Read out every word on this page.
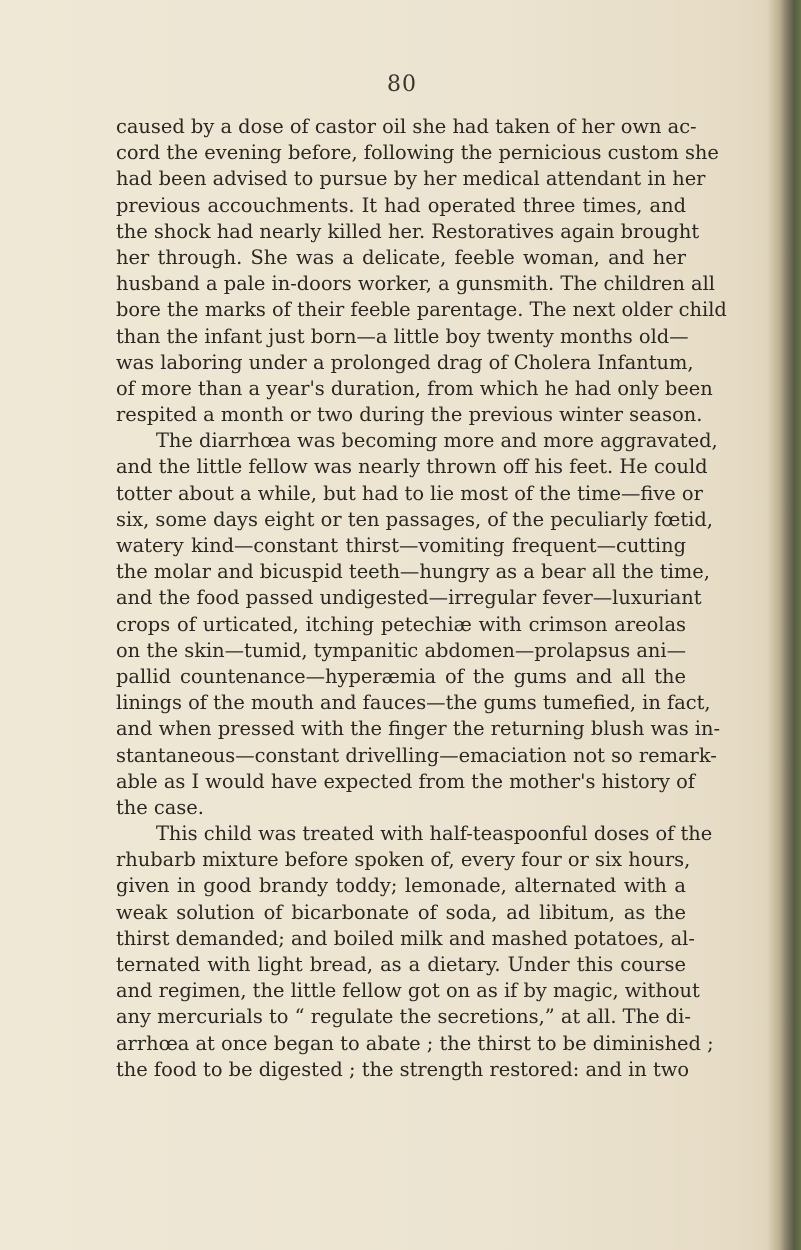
80
caused by a dose of castor oil she had taken of her own ac-
cord the evening before, following the pernicious custom she
had been advised to pursue by her medical attendant in her
previous accouchments. It had operated three times, and
the shock had nearly killed her. Restoratives again brought
her through. She was a delicate, feeble woman, and her
husband a pale in-doors worker, a gunsmith. The children all
bore the marks of their feeble parentage. The next older child
than the infant just born—a little boy twenty months old—
was laboring under a prolonged drag of Cholera Infantum,
of more than a year's duration, from which he had only been
respited a month or two during the previous winter season.
The diarrhœa was becoming more and more aggravated,
and the little fellow was nearly thrown off his feet. He could
totter about a while, but had to lie most of the time—five or
six, some days eight or ten passages, of the peculiarly fœtid,
watery kind—constant thirst—vomiting frequent—cutting
the molar and bicuspid teeth—hungry as a bear all the time,
and the food passed undigested—irregular fever—luxuriant
crops of urticated, itching petechiæ with crimson areolas
on the skin—tumid, tympanitic abdomen—prolapsus ani—
pallid countenance—hyperæmia of the gums and all the
linings of the mouth and fauces—the gums tumefied, in fact,
and when pressed with the finger the returning blush was in-
stantaneous—constant drivelling—emaciation not so remark-
able as I would have expected from the mother's history of
the case.
This child was treated with half-teaspoonful doses of the
rhubarb mixture before spoken of, every four or six hours,
given in good brandy toddy; lemonade, alternated with a
weak solution of bicarbonate of soda, ad libitum, as the
thirst demanded; and boiled milk and mashed potatoes, al-
ternated with light bread, as a dietary. Under this course
and regimen, the little fellow got on as if by magic, without
any mercurials to “ regulate the secretions,” at all. The di-
arrhœa at once began to abate ; the thirst to be diminished ;
the food to be digested ; the strength restored: and in two
